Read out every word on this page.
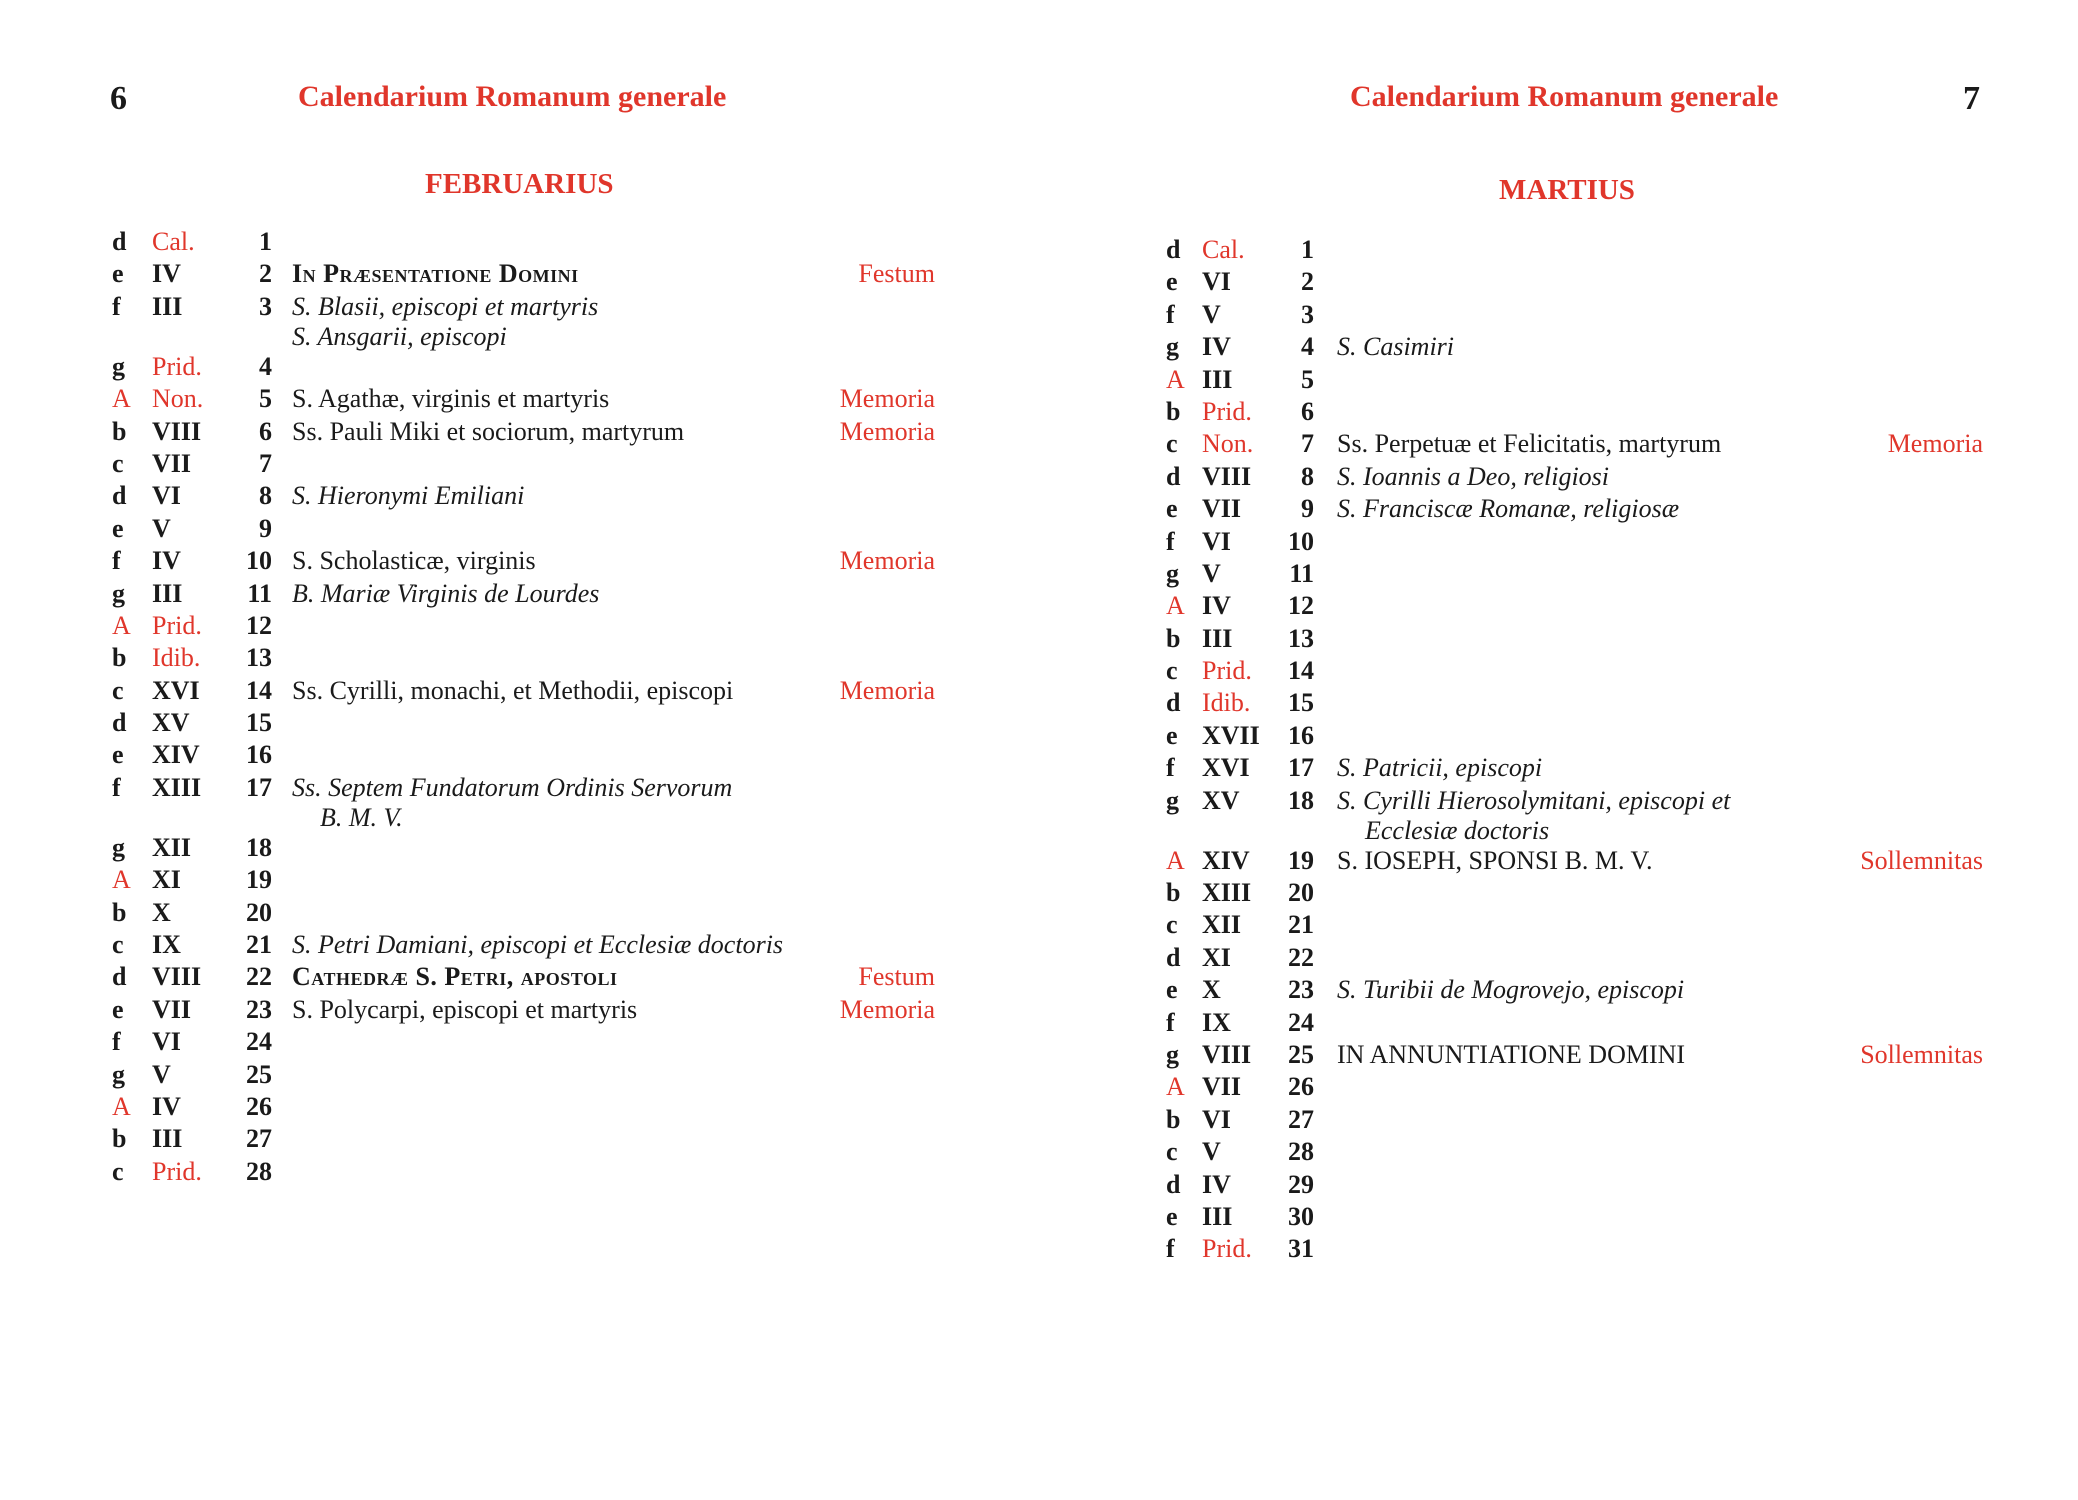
6	Calendarium Romanum generale
FEBRUARIUS
d Cal. 1
e IV	2 In Præsentatione Domini	Festum
f III	3 S. Blasii, episcopi et martyris
S. Ansgarii, episcopi
g Prid. 4
A Non. 5 S. Agathæ, virginis et martyris	Memoria
b VIII 6 Ss. Pauli Miki et sociorum, martyrum	Memoria
c VII	7
d VI	8 S. Hieronymi Emiliani
e V	9
f IV	10 S. Scholasticæ, virginis	Memoria
g III	11 B. Mariæ Virginis de Lourdes
A Prid. 12
b Idib. 13
c XVI 14 Ss. Cyrilli, monachi, et Methodii, episcopi	Memoria
d XV 15
e XIV 16
f XIII 17 Ss. Septem Fundatorum Ordinis Servorum
B. M. V.
g XII 18
A XI	19
b X	20
c IX	21 S. Petri Damiani, episcopi et Ecclesiæ doctoris
d VIII 22 Cathedræ S. Petri, apostoli	Festum
e VII 23 S. Polycarpi, episcopi et martyris	Memoria
f VI	24
g V	25
A IV	26
b III 27
c Prid. 28
7
Calendarium Romanum generale
MARTIUS
d Cal. 1
e VI	2
f V	3
g IV	4 S. Casimiri
A III	5
b Prid. 6
c Non. 7 Ss. Perpetuæ et Felicitatis, martyrum	Memoria
d VIII 8 S. Ioannis a Deo, religiosi
e VII 9 S. Franciscæ Romanæ, religiosæ
f VI 10
g V	11
A IV 12
b III 13
c Prid. 14
d Idib. 15
e XVII 16
f XVI 17 S. Patricii, episcopi
g XV 18 S. Cyrilli Hierosolymitani, episcopi et
Ecclesiæ doctoris
A XIV 19 S. IOSEPH, SPONSI B. M. V.	Sollemnitas
b XIII 20
c XII 21
d XI 22
e X	23 S. Turibii de Mogrovejo, episcopi
f IX 24
g VIII 25 IN ANNUNTIATIONE DOMINI	Sollemnitas
A VII 26
b VI 27
c V	28
d IV 29
e III 30
f Prid. 31
